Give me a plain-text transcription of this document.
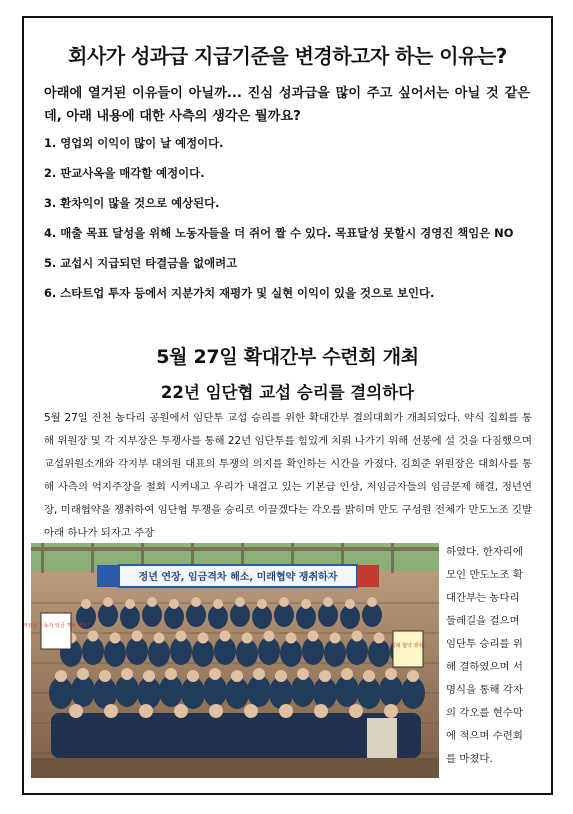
회사가 성과급 지급기준을 변경하고자 하는 이유는?
아래에 열거된 이유들이 아닐까... 진심 성과급을 많이 주고 싶어서는 아닐 것 같은데, 아래 내용에 대한 사측의 생각은 뭘까요?
1. 영업외 이익이 많이 날 예정이다.
2. 판교사옥을 매각할 예정이다.
3. 환차익이 많을 것으로 예상된다.
4. 매출 목표 달성을 위해 노동자들을 더 쥐어 짤 수 있다. 목표달성 못할시 경영진 책임은 NO
5. 교섭시 지급되던 타결금을 없애려고
6. 스타트업 투자 등에서 지분가치 재평가 및 실현 이익이 있을 것으로 보인다.
5월 27일 확대간부 수련회 개최
22년 임단협 교섭 승리를 결의하다

5월 27일 진천 농다리 공원에서 임단투 교섭 승리를 위한 확대간부 결의대회가 개최되었다. 약식 집회를 통해 위원장 및 각 지부장은 투쟁사를 통해 22년 임단투를 힘있게 치뤄 나가기 위해 선봉에 설 것을 다짐했으며 교섭위원소개와 각지부 대의원 대표의 투쟁의 의지를 확인하는 시간을 가졌다. 김희준 위원장은 대회사를 통해 사측의 억지주장을 철회 시켜내고 우리가 내걸고 있는 기본급 인상, 저임금자들의 임금문제 해결, 정년연장, 미래협약을 쟁취하여 임단협 투쟁을 승리로 이끌겠다는 각오를 밝히며 만도 구성원 전체가 만도노조 깃발아래 하나가 되자고 주장

정년 연장, 임금격차 해소, 미래협약 쟁취하자
저임금 노동자 임금 격차 해소!
미래 협약 쟁취!

하였다. 한자리에 모인 만도노조 확대간부는 농다리 둘레길을 걸으며 임단투 승리를 위해 결하였으며 서명식을 통해 각자의 각오를 현수막에 적으며 수련회를 마쳤다.
